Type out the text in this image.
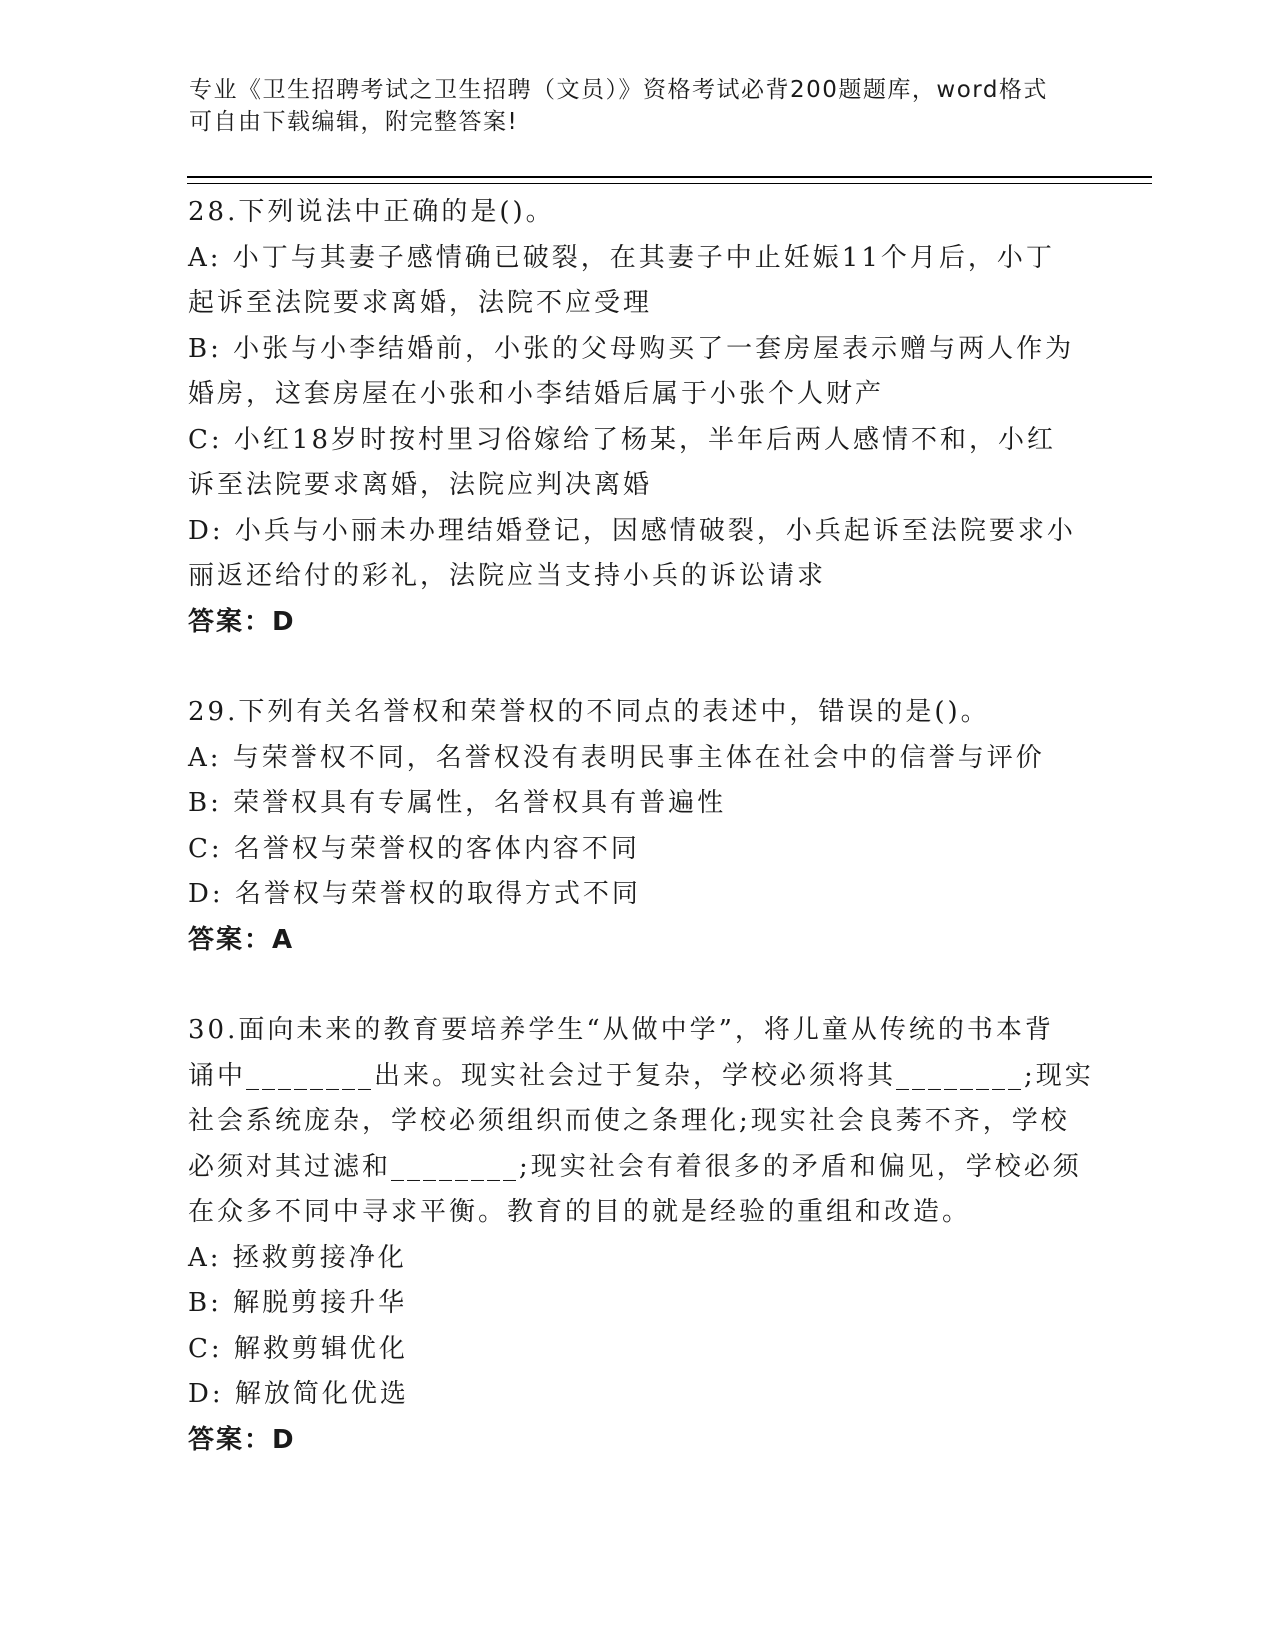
专业《卫生招聘考试之卫生招聘（文员）》资格考试必背200题题库，word格式
可自由下载编辑，附完整答案!
28.下列说法中正确的是()。
A: 小丁与其妻子感情确已破裂，在其妻子中止妊娠11个月后，小丁
起诉至法院要求离婚，法院不应受理
B: 小张与小李结婚前，小张的父母购买了一套房屋表示赠与两人作为
婚房，这套房屋在小张和小李结婚后属于小张个人财产
C: 小红18岁时按村里习俗嫁给了杨某，半年后两人感情不和，小红
诉至法院要求离婚，法院应判决离婚
D: 小兵与小丽未办理结婚登记，因感情破裂，小兵起诉至法院要求小
丽返还给付的彩礼，法院应当支持小兵的诉讼请求
答案：D
29.下列有关名誉权和荣誉权的不同点的表述中，错误的是()。
A: 与荣誉权不同，名誉权没有表明民事主体在社会中的信誉与评价
B: 荣誉权具有专属性，名誉权具有普遍性
C: 名誉权与荣誉权的客体内容不同
D: 名誉权与荣誉权的取得方式不同
答案：A
30.面向未来的教育要培养学生“从做中学”，将儿童从传统的书本背
诵中________出来。现实社会过于复杂，学校必须将其________;现实
社会系统庞杂，学校必须组织而使之条理化;现实社会良莠不齐，学校
必须对其过滤和________;现实社会有着很多的矛盾和偏见，学校必须
在众多不同中寻求平衡。教育的目的就是经验的重组和改造。
A: 拯救剪接净化
B: 解脱剪接升华
C: 解救剪辑优化
D: 解放简化优选
答案：D
